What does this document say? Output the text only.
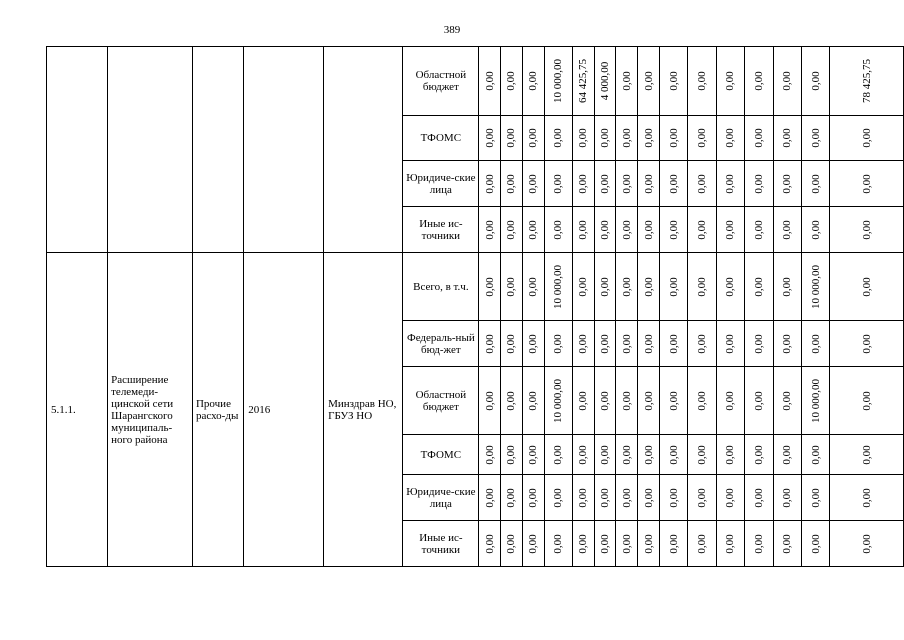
389
					Областной бюджет	0,00	0,00	0,00	10 000,00	64 425,75	4 000,00	0,00	0,00	0,00	0,00	0,00	0,00	0,00	0,00	78 425,75

					ТФОМС	0,00	0,00	0,00	0,00	0,00	0,00	0,00	0,00	0,00	0,00	0,00	0,00	0,00	0,00	0,00

					Юридиче-ские лица	0,00	0,00	0,00	0,00	0,00	0,00	0,00	0,00	0,00	0,00	0,00	0,00	0,00	0,00	0,00

					Иные ис-точники	0,00	0,00	0,00	0,00	0,00	0,00	0,00	0,00	0,00	0,00	0,00	0,00	0,00	0,00	0,00

5.1.1.	Расширение телемеди-цинской сети Шарангского муниципаль-ного района	Прочие расхо-ды	2016	Минздрав НО, ГБУЗ НО	Всего, в т.ч.	0,00	0,00	0,00	10 000,00	0,00	0,00	0,00	0,00	0,00	0,00	0,00	0,00	0,00	10 000,00	0,00

					Федераль-ный бюд-жет	0,00	0,00	0,00	0,00	0,00	0,00	0,00	0,00	0,00	0,00	0,00	0,00	0,00	0,00	0,00

					Областной бюджет	0,00	0,00	0,00	10 000,00	0,00	0,00	0,00	0,00	0,00	0,00	0,00	0,00	0,00	10 000,00	0,00

					ТФОМС	0,00	0,00	0,00	0,00	0,00	0,00	0,00	0,00	0,00	0,00	0,00	0,00	0,00	0,00	0,00

					Юридиче-ские лица	0,00	0,00	0,00	0,00	0,00	0,00	0,00	0,00	0,00	0,00	0,00	0,00	0,00	0,00	0,00

					Иные ис-точники	0,00	0,00	0,00	0,00	0,00	0,00	0,00	0,00	0,00	0,00	0,00	0,00	0,00	0,00	0,00
